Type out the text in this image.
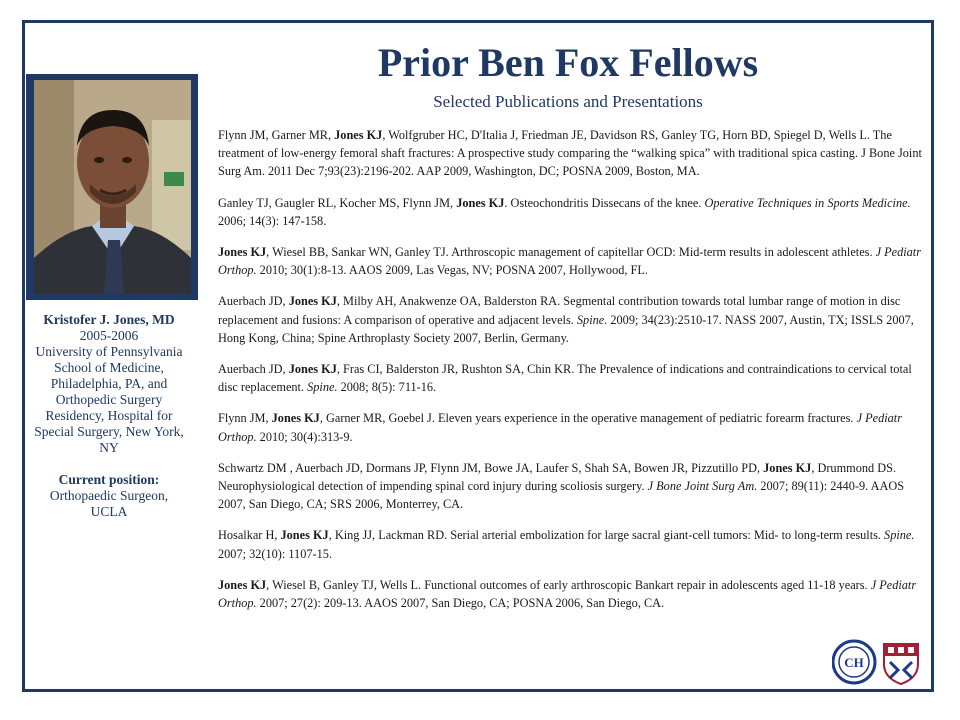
Prior Ben Fox Fellows
Selected Publications and Presentations
Kristofer J. Jones, MD
2005-2006
University of Pennsylvania School of Medicine, Philadelphia, PA, and Orthopedic Surgery Residency, Hospital for Special Surgery, New York, NY
Current position:
Orthopaedic Surgeon, UCLA

Flynn JM, Garner MR, Jones KJ, Wolfgruber HC, D'Italia J, Friedman JE, Davidson RS, Ganley TG, Horn BD, Spiegel D, Wells L. The treatment of low-energy femoral shaft fractures: A prospective study comparing the “walking spica” with traditional spica casting. J Bone Joint Surg Am. 2011 Dec 7;93(23):2196-202. AAP 2009, Washington, DC; POSNA 2009, Boston, MA.

Ganley TJ, Gaugler RL, Kocher MS, Flynn JM, Jones KJ. Osteochondritis Dissecans of the knee. Operative Techniques in Sports Medicine. 2006; 14(3): 147-158.

Jones KJ, Wiesel BB, Sankar WN, Ganley TJ. Arthroscopic management of capitellar OCD: Mid-term results in adolescent athletes. J Pediatr Orthop. 2010; 30(1):8-13. AAOS 2009, Las Vegas, NV; POSNA 2007, Hollywood, FL.

Auerbach JD, Jones KJ, Milby AH, Anakwenze OA, Balderston RA. Segmental contribution towards total lumbar range of motion in disc replacement and fusions: A comparison of operative and adjacent levels. Spine. 2009; 34(23):2510-17. NASS 2007, Austin, TX; ISSLS 2007, Hong Kong, China; Spine Arthroplasty Society 2007, Berlin, Germany.

Auerbach JD, Jones KJ, Fras CI, Balderston JR, Rushton SA, Chin KR. The Prevalence of indications and contraindications to cervical total disc replacement. Spine. 2008; 8(5): 711-16.

Flynn JM, Jones KJ, Garner MR, Goebel J. Eleven years experience in the operative management of pediatric forearm fractures. J Pediatr Orthop. 2010; 30(4):313-9.

Schwartz DM , Auerbach JD, Dormans JP, Flynn JM, Bowe JA, Laufer S, Shah SA, Bowen JR, Pizzutillo PD, Jones KJ, Drummond DS. Neurophysiological detection of impending spinal cord injury during scoliosis surgery. J Bone Joint Surg Am. 2007; 89(11): 2440-9. AAOS 2007, San Diego, CA; SRS 2006, Monterrey, CA.

Hosalkar H, Jones KJ, King JJ, Lackman RD. Serial arterial embolization for large sacral giant-cell tumors: Mid- to long-term results. Spine. 2007; 32(10): 1107-15.

Jones KJ, Wiesel B, Ganley TJ, Wells L. Functional outcomes of early arthroscopic Bankart repair in adolescents aged 11-18 years. J Pediatr Orthop. 2007; 27(2): 209-13. AAOS 2007, San Diego, CA; POSNA 2006, San Diego, CA.

CH
